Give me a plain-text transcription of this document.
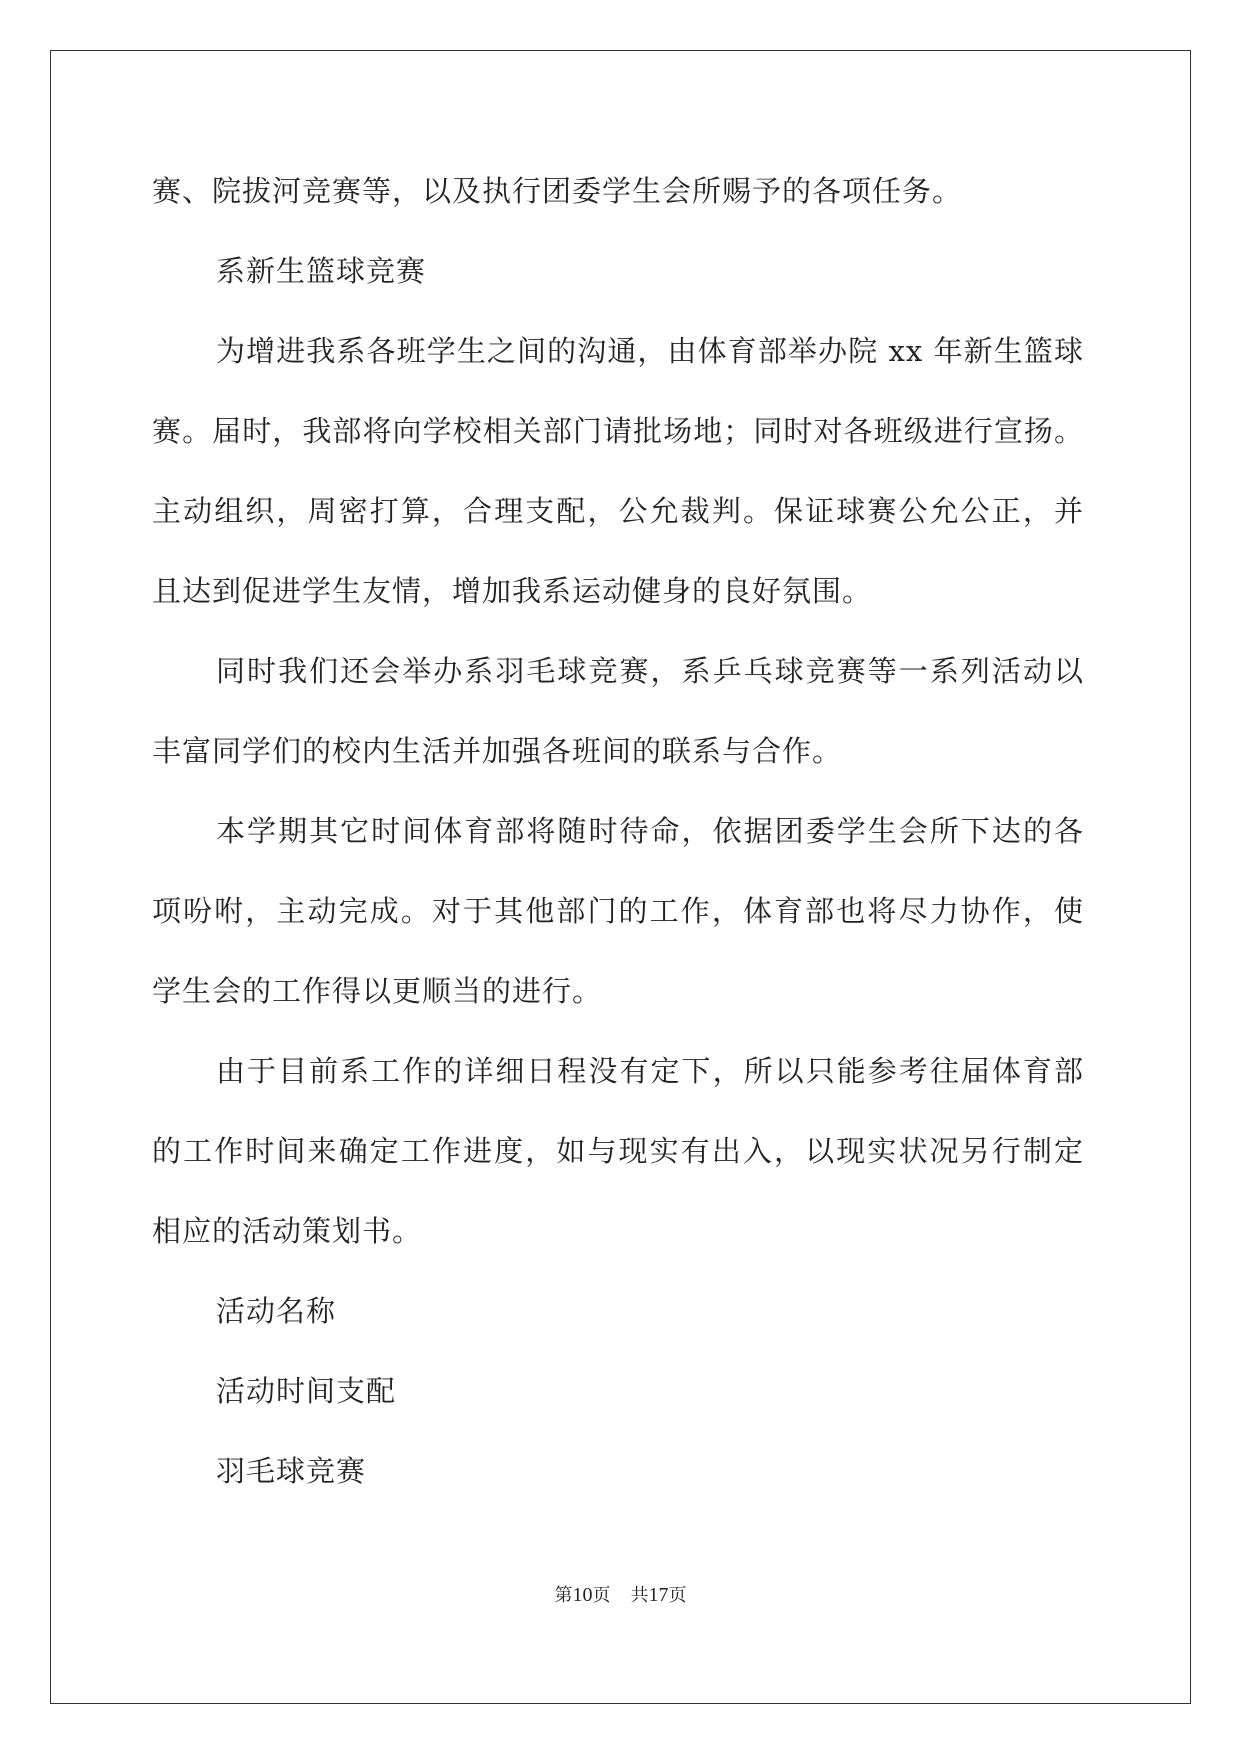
赛、院拔河竞赛等，以及执行团委学生会所赐予的各项任务。

系新生篮球竞赛

为增进我系各班学生之间的沟通，由体育部举办院 xx 年新生篮球

赛。届时，我部将向学校相关部门请批场地；同时对各班级进行宣扬。

主动组织，周密打算，合理支配，公允裁判。保证球赛公允公正，并

且达到促进学生友情，增加我系运动健身的良好氛围。

同时我们还会举办系羽毛球竞赛，系乒乓球竞赛等一系列活动以

丰富同学们的校内生活并加强各班间的联系与合作。

本学期其它时间体育部将随时待命，依据团委学生会所下达的各

项吩咐，主动完成。对于其他部门的工作，体育部也将尽力协作，使

学生会的工作得以更顺当的进行。

由于目前系工作的详细日程没有定下，所以只能参考往届体育部

的工作时间来确定工作进度，如与现实有出入，以现实状况另行制定

相应的活动策划书。

活动名称

活动时间支配

羽毛球竞赛

第10页 共17页
